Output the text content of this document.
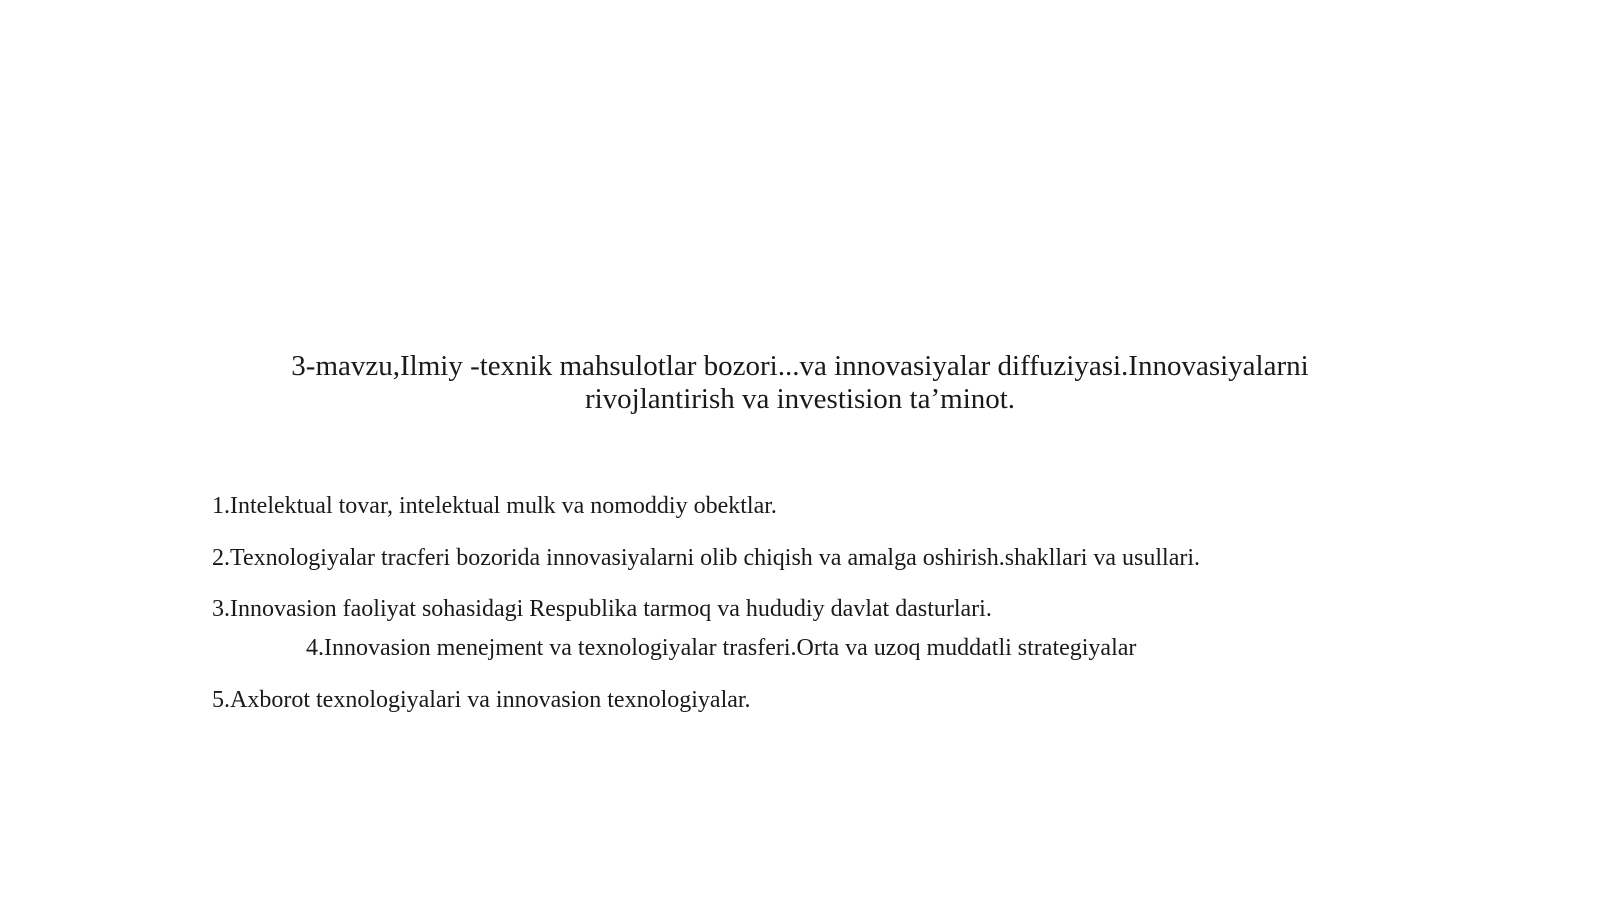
3-mavzu,Ilmiy -texnik mahsulotlar bozori...va innovasiyalar diffuziyasi.Innovasiyalarni
rivojlantirish va investision ta’minot.
1.Intelektual tovar, intelektual mulk va nomoddiy obektlar.
2.Texnologiyalar tracferi bozorida innovasiyalarni olib chiqish va amalga oshirish.shakllari va usullari.
3.Innovasion faoliyat sohasidagi Respublika tarmoq va hududiy davlat dasturlari.
4.Innovasion menejment va texnologiyalar trasferi.Orta va uzoq muddatli strategiyalar
5.Axborot texnologiyalari va innovasion texnologiyalar.
